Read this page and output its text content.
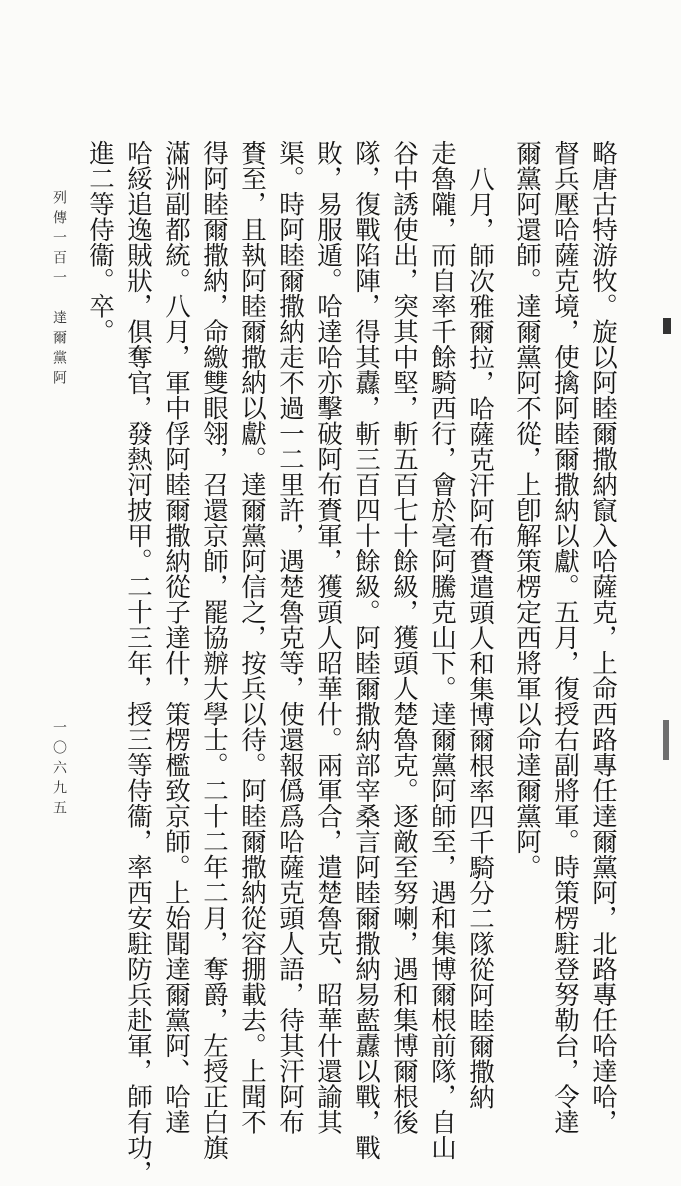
略唐古特游牧。旋以阿睦爾撒納竄入哈薩克，上命西路專任達爾黨阿，北路專任哈達哈，
督兵壓哈薩克境，使擒阿睦爾撒納以獻。五月，復授右副將軍。時策楞駐登努勒台，令達
爾黨阿還師。達爾黨阿不從，上卽解策楞定西將軍以命達爾黨阿。
八月，師次雅爾拉，哈薩克汗阿布賚遣頭人和集博爾根率四千騎分二隊從阿睦爾撒納
走魯隴，而自率千餘騎西行，會於亳阿騰克山下。達爾黨阿師至，遇和集博爾根前隊，自山
谷中誘使出，突其中堅，斬五百七十餘級，獲頭人楚魯克。逐敵至努喇，遇和集博爾根後
隊，復戰陷陣，得其纛，斬三百四十餘級。阿睦爾撒納部宰桑言阿睦爾撒納易藍纛以戰，戰
敗，易服遁。哈達哈亦擊破阿布賚軍，獲頭人昭華什。兩軍合，遣楚魯克、昭華什還諭其
渠。時阿睦爾撒納走不過一二里許，遇楚魯克等，使還報僞爲哈薩克頭人語，待其汗阿布
賚至，且執阿睦爾撒納以獻。達爾黨阿信之，按兵以待。阿睦爾撒納從容掤載去。上聞不
得阿睦爾撒納，命繳雙眼翎，召還京師，罷協辦大學士。二十二年二月，奪爵，左授正白旗
滿洲副都統。八月，軍中俘阿睦爾撒納從子達什，策楞檻致京師。上始聞達爾黨阿、哈達
哈綏追逸賊狀，俱奪官，發熱河披甲。二十三年，授三等侍衞，率西安駐防兵赴軍，師有功，
進二等侍衞。卒。
列傳一百一　達爾黨阿
一〇六九五
